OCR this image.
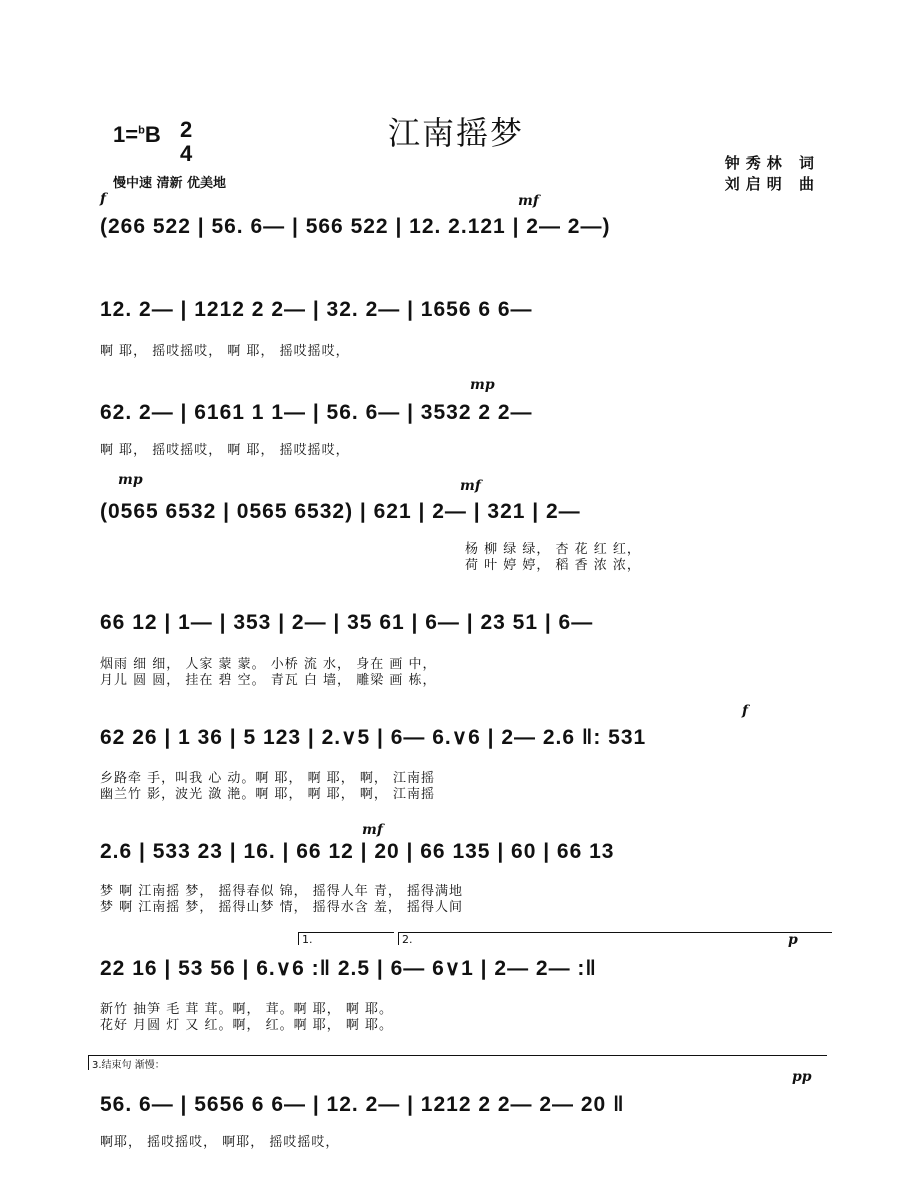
江南摇梦
1=$^b$B 2
4
慢中速 清新 优美地
钟秀林 词
刘启明 曲
f	mf
(266 522 | 56. 6— | 566 522 | 12. 2.121 | 2— 2—)
12. 2— | 1212 2 2— | 32. 2— | 1656 6 6—
啊 耶， 摇哎摇哎， 啊 耶， 摇哎摇哎，
mp
62. 2— | 6161 1 1— | 56. 6— | 3532 2 2—
啊 耶， 摇哎摇哎， 啊 耶， 摇哎摇哎，
mp	mf
(0565 6532 | 0565 6532) | 621 | 2— | 321 | 2—
杨 柳 绿 绿， 杏 花 红 红，
荷 叶 婷 婷， 稻 香 浓 浓，
66 12 | 1— | 353 | 2— | 35 61 | 6— | 23 51 | 6—
烟雨 细 细， 人家 蒙 蒙。 小桥 流 水， 身在 画 中，
月儿 圆 圆， 挂在 碧 空。 青瓦 白 墙， 雕梁 画 栋，
f
62 26 | 1 36 | 5 123 | 2.∨5 | 6— 6.∨6 | 2— 2.6 ‖: 531
乡路牵 手，叫我 心 动。啊 耶， 啊 耶， 啊， 江南摇
幽兰竹 影，波光 潋 滟。啊 耶， 啊 耶， 啊， 江南摇
mf
2.6 | 533 23 | 16. | 66 12 | 20 | 66 135 | 60 | 66 13
梦 啊 江南摇 梦， 摇得春似 锦， 摇得人年 青， 摇得满地
梦 啊 江南摇 梦， 摇得山梦 情， 摇得水含 羞， 摇得人间
1.	2.	p
22 16 | 53 56 | 6.∨6 :‖ 2.5 | 6— 6∨1 | 2— 2— :‖
新竹 抽笋 毛 茸 茸。啊， 茸。啊 耶， 啊 耶。
花好 月圆 灯 又 红。啊， 红。啊 耶， 啊 耶。
3.结束句 渐慢：
pp
56. 6— | 5656 6 6— | 12. 2— | 1212 2 2— 2— 20 ‖
啊耶， 摇哎摇哎， 啊耶， 摇哎摇哎，
